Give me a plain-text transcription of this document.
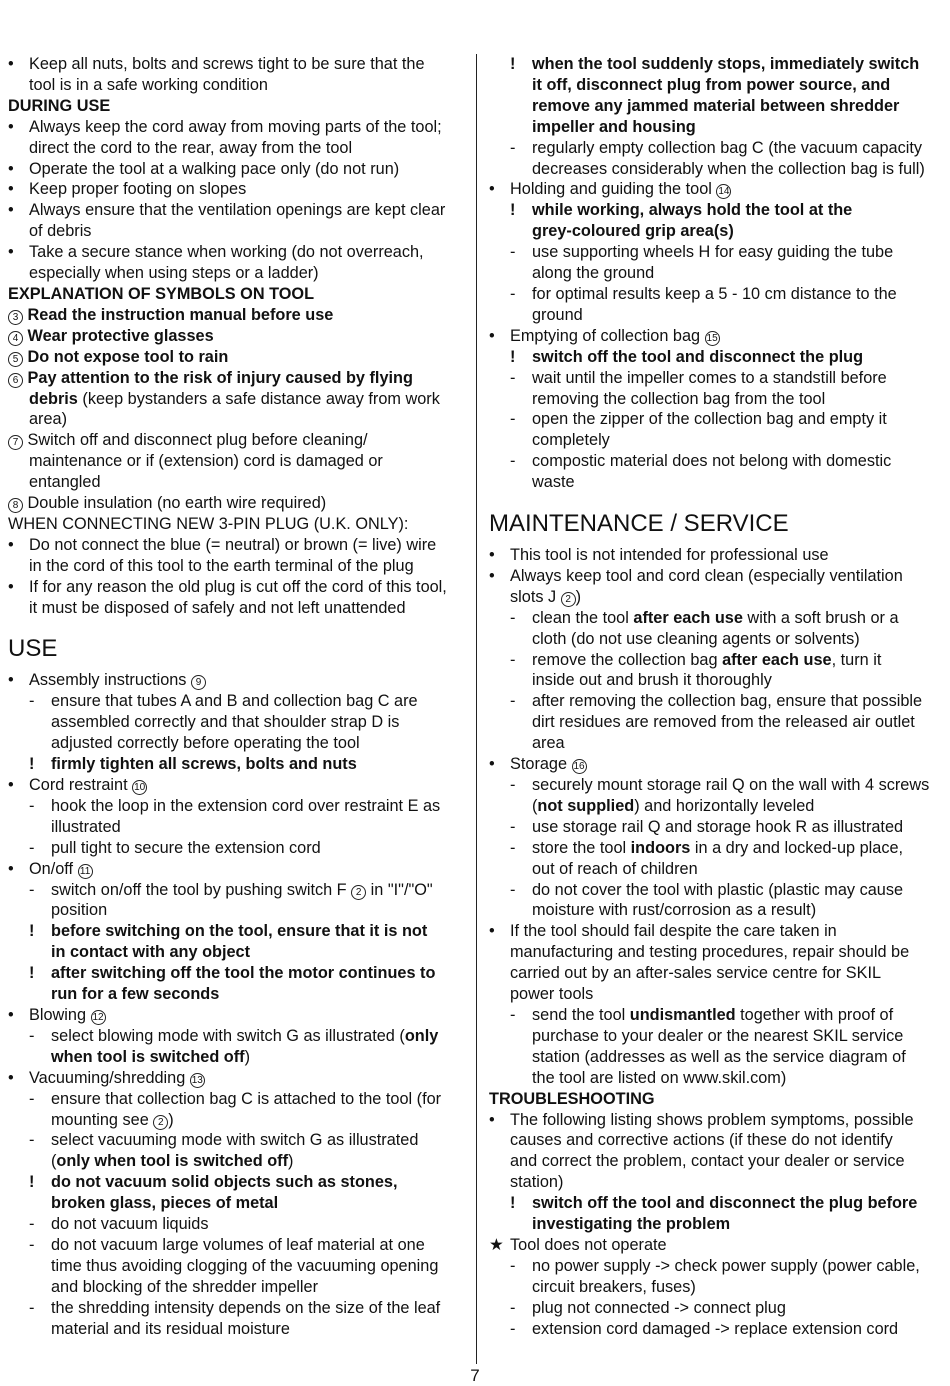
• Keep all nuts, bolts and screws tight to be sure that the
tool is in a safe working condition
DURING USE
• Always keep the cord away from moving parts of the tool;
direct the cord to the rear, away from the tool
• Operate the tool at a walking pace only (do not run)
• Keep proper footing on slopes
• Always ensure that the ventilation openings are kept clear
of debris
• Take a secure stance when working (do not overreach,
especially when using steps or a ladder)
EXPLANATION OF SYMBOLS ON TOOL
3 Read the instruction manual before use
4 Wear protective glasses
5 Do not expose tool to rain
6 Pay attention to the risk of injury caused by flying
debris (keep bystanders a safe distance away from work
area)
7 Switch off and disconnect plug before cleaning/
maintenance or if (extension) cord is damaged or
entangled
8 Double insulation (no earth wire required)
WHEN CONNECTING NEW 3-PIN PLUG (U.K. ONLY):
• Do not connect the blue (= neutral) or brown (= live) wire
in the cord of this tool to the earth terminal of the plug
• If for any reason the old plug is cut off the cord of this tool,
it must be disposed of safely and not left unattended
USE
• Assembly instructions 9
- ensure that tubes A and B and collection bag C are
assembled correctly and that shoulder strap D is
adjusted correctly before operating the tool
! firmly tighten all screws, bolts and nuts
• Cord restraint 10
- hook the loop in the extension cord over restraint E as
illustrated
- pull tight to secure the extension cord
• On/off 11
- switch on/off the tool by pushing switch F 2 in "I"/"O"
position
! before switching on the tool, ensure that it is not
in contact with any object
! after switching off the tool the motor continues to
run for a few seconds
• Blowing 12
- select blowing mode with switch G as illustrated (only
when tool is switched off)
• Vacuuming/shredding 13
- ensure that collection bag C is attached to the tool (for
mounting see 2 )
- select vacuuming mode with switch G as illustrated
(only when tool is switched off)
! do not vacuum solid objects such as stones,
broken glass, pieces of metal
- do not vacuum liquids
- do not vacuum large volumes of leaf material at one
time thus avoiding clogging of the vacuuming opening
and blocking of the shredder impeller
- the shredding intensity depends on the size of the leaf
material and its residual moisture
! when the tool suddenly stops, immediately switch
it off, disconnect plug from power source, and
remove any jammed material between shredder
impeller and housing
- regularly empty collection bag C (the vacuum capacity
decreases considerably when the collection bag is full)
• Holding and guiding the tool 14
! while working, always hold the tool at the
grey-coloured grip area(s)
- use supporting wheels H for easy guiding the tube
along the ground
- for optimal results keep a 5 - 10 cm distance to the
ground
• Emptying of collection bag 15
! switch off the tool and disconnect the plug
- wait until the impeller comes to a standstill before
removing the collection bag from the tool
- open the zipper of the collection bag and empty it
completely
- compostic material does not belong with domestic
waste
MAINTENANCE / SERVICE
• This tool is not intended for professional use
• Always keep tool and cord clean (especially ventilation
slots J 2 )
- clean the tool after each use with a soft brush or a
cloth (do not use cleaning agents or solvents)
- remove the collection bag after each use, turn it
inside out and brush it thoroughly
- after removing the collection bag, ensure that possible
dirt residues are removed from the released air outlet
area
• Storage 16
- securely mount storage rail Q on the wall with 4 screws
(not supplied) and horizontally leveled
- use storage rail Q and storage hook R as illustrated
- store the tool indoors in a dry and locked-up place,
out of reach of children
- do not cover the tool with plastic (plastic may cause
moisture with rust/corrosion as a result)
• If the tool should fail despite the care taken in
manufacturing and testing procedures, repair should be
carried out by an after-sales service centre for SKIL
power tools
- send the tool undismantled together with proof of
purchase to your dealer or the nearest SKIL service
station (addresses as well as the service diagram of
the tool are listed on www.skil.com)
TROUBLESHOOTING
• The following listing shows problem symptoms, possible
causes and corrective actions (if these do not identify
and correct the problem, contact your dealer or service
station)
! switch off the tool and disconnect the plug before
investigating the problem
★ Tool does not operate
- no power supply -> check power supply (power cable,
circuit breakers, fuses)
- plug not connected -> connect plug
- extension cord damaged -> replace extension cord
7
